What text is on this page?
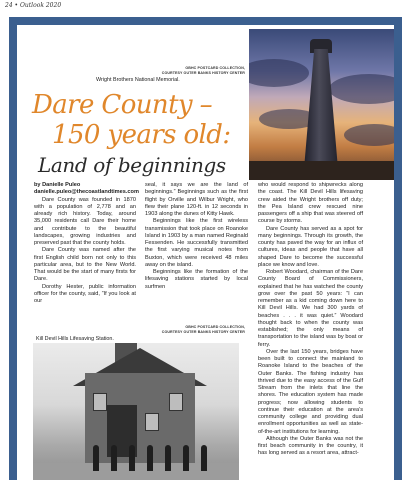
24 • Outlook 2020
OBHC POSTCARD COLLECTION,
COURTESY OUTER BANKS HISTORY CENTER
Wright Brothers National Memorial.
Dare County –
150 years old:
Land of beginnings

by Danielle Puleo

danielle.puleo@thecoastlandtimes.com

Dare County was founded in 1870 with a population of 2,778 and an already rich history. Today, around 35,000 residents call Dare their home and contribute to the beautiful landscapes, growing industries and preserved past that the county holds.

Dare County was named after the first English child born not only to this particular area, but to the New World. That would be the start of many firsts for Dare.

Dorothy Hester, public information officer for the county, said, “If you look at our

seal, it says we are the land of beginnings.” Beginnings such as the first flight by Orville and Wilbur Wright, who flew their plane 120-ft. in 12 seconds in 1903 along the dunes of Kitty Hawk.

Beginnings like the first wireless transmission that took place on Roanoke Island in 1903 by a man named Reginald Fessenden. He successfully transmitted the first varying musical notes from Buxton, which were received 48 miles away on the island.

Beginnings like the formation of the lifesaving stations started by local surfmen

who would respond to shipwrecks along the coast. The Kill Devil Hills lifesaving crew aided the Wright brothers off duty; the Pea Island crew rescued nine passengers off a ship that was steered off course by storms.

Dare County has served as a spot for many beginnings. Through its growth, the county has paved the way for an influx of cultures, ideas and people that have all shaped Dare to become the successful place we know and love.

Robert Woodard, chairman of the Dare County Board of Commissioners, explained that he has watched the county grow over the past 50 years: “I can remember as a kid coming down here to Kill Devil Hills. We had 300 yards of beaches . . . it was quiet.” Woodard thought back to when the county was established; the only means of transportation to the island was by boat or ferry.

Over the last 150 years, bridges have been built to connect the mainland to Roanoke Island to the beaches of the Outer Banks. The fishing industry has thrived due to the easy access of the Gulf Stream from the inlets that line the shores. The education system has made progress; now allowing students to continue their education at the area’s community college and providing dual enrollment opportunities as well as state-of-the-art institutions for learning.

Although the Outer Banks was not the first beach community in the country, it has long served as a resort area, attract-

OBHC POSTCARD COLLECTION,
COURTESY OUTER BANKS HISTORY CENTER
Kill Devil Hills Lifesaving Station.
